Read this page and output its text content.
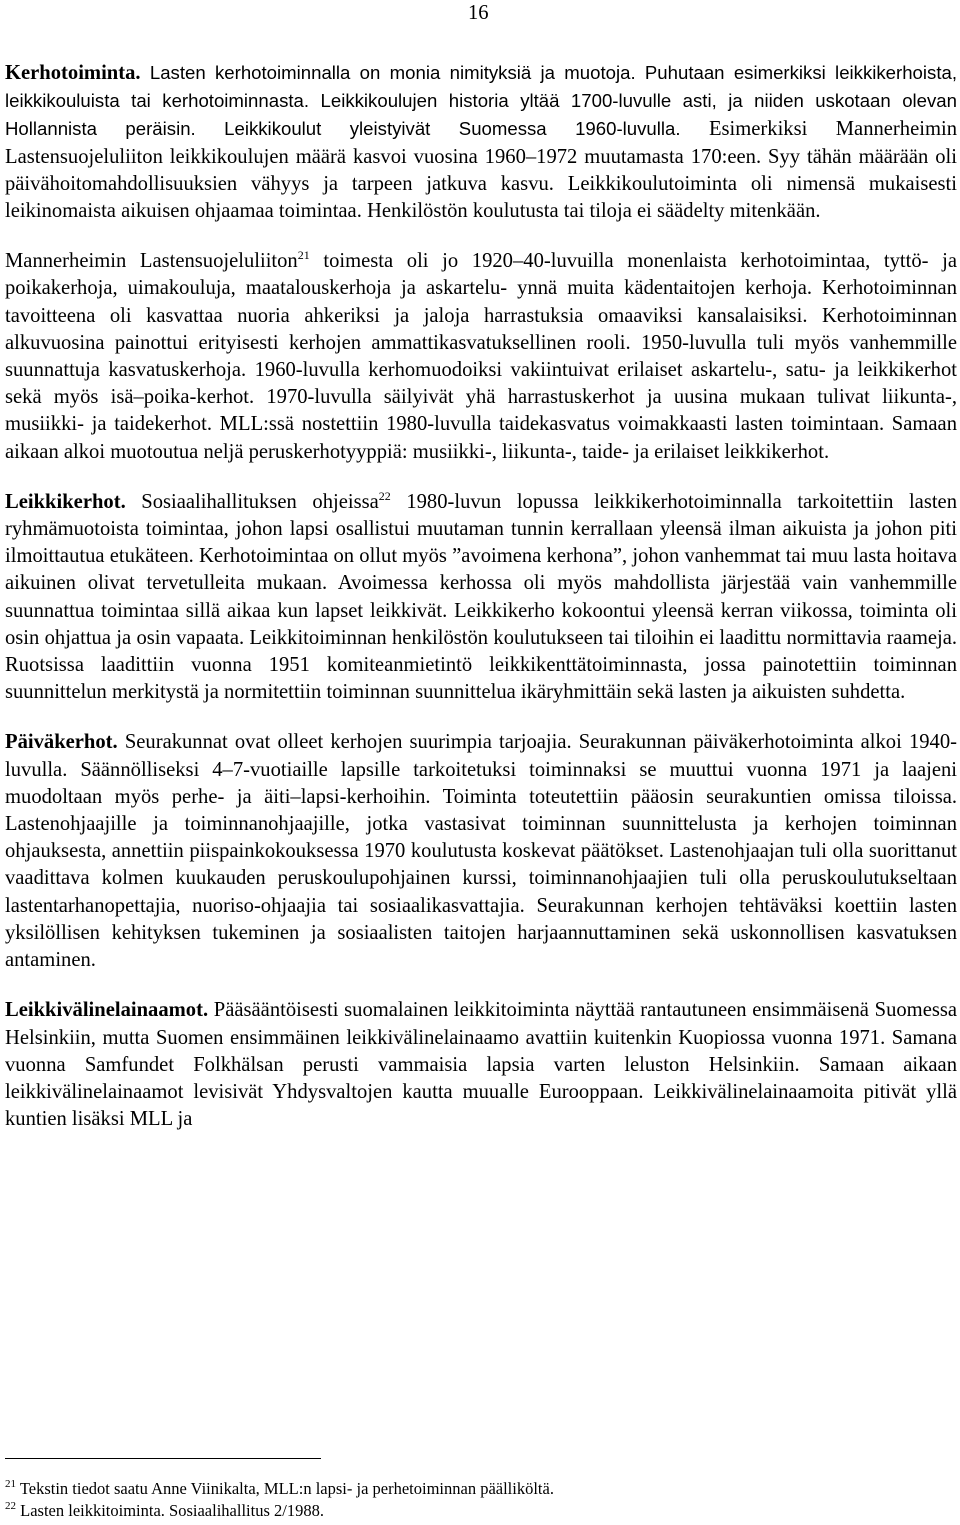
16

Kerhotoiminta. Lasten kerhotoiminnalla on monia nimityksiä ja muotoja. Puhutaan esimerkiksi leikkikerhoista, leikkikouluista tai kerhotoiminnasta. Leikkikoulujen historia yltää 1700-luvulle asti, ja niiden uskotaan olevan Hollannista peräisin. Leikkikoulut yleistyivät Suomessa 1960-luvulla. Esimerkiksi Mannerheimin Lastensuojeluliiton leikkikoulujen määrä kasvoi vuosina 1960–1972 muutamasta 170:een. Syy tähän määrään oli päivähoitomahdollisuuksien vähyys ja tarpeen jatkuva kasvu. Leikkikoulutoiminta oli nimensä mukaisesti leikinomaista aikuisen ohjaamaa toimintaa. Henkilöstön koulutusta tai tiloja ei säädelty mitenkään.

Mannerheimin Lastensuojeluliiton$^{21}$ toimesta oli jo 1920–40-luvuilla monenlaista kerhotoimintaa, tyttö- ja poikakerhoja, uimakouluja, maatalouskerhoja ja askartelu- ynnä muita kädentaitojen kerhoja. Kerhotoiminnan tavoitteena oli kasvattaa nuoria ahkeriksi ja jaloja harrastuksia omaaviksi kansalaisiksi. Kerhotoiminnan alkuvuosina painottui erityisesti kerhojen ammattikasvatuksellinen rooli. 1950-luvulla tuli myös vanhemmille suunnattuja kasvatuskerhoja. 1960-luvulla kerhomuodoiksi vakiintuivat erilaiset askartelu-, satu- ja leikkikerhot sekä myös isä–poika-kerhot. 1970-luvulla säilyivät yhä harrastuskerhot ja uusina mukaan tulivat liikunta-, musiikki- ja taidekerhot. MLL:ssä nostettiin 1980-luvulla taidekasvatus voimakkaasti lasten toimintaan. Samaan aikaan alkoi muotoutua neljä peruskerhotyyppiä: musiikki-, liikunta-, taide- ja erilaiset leikkikerhot.

Leikkikerhot. Sosiaalihallituksen ohjeissa$^{22}$ 1980-luvun lopussa leikkikerhotoiminnalla tarkoitettiin lasten ryhmämuotoista toimintaa, johon lapsi osallistui muutaman tunnin kerrallaan yleensä ilman aikuista ja johon piti ilmoittautua etukäteen. Kerhotoimintaa on ollut myös ”avoimena kerhona”, johon vanhemmat tai muu lasta hoitava aikuinen olivat tervetulleita mukaan. Avoimessa kerhossa oli myös mahdollista järjestää vain vanhemmille suunnattua toimintaa sillä aikaa kun lapset leikkivät. Leikkikerho kokoontui yleensä kerran viikossa, toiminta oli osin ohjattua ja osin vapaata. Leikkitoiminnan henkilöstön koulutukseen tai tiloihin ei laadittu normittavia raameja. Ruotsissa laadittiin vuonna 1951 komiteanmietintö leikkikenttätoiminnasta, jossa painotettiin toiminnan suunnittelun merkitystä ja normitettiin toiminnan suunnittelua ikäryhmittäin sekä lasten ja aikuisten suhdetta.

Päiväkerhot. Seurakunnat ovat olleet kerhojen suurimpia tarjoajia. Seurakunnan päiväkerhotoiminta alkoi 1940-luvulla. Säännölliseksi 4–7-vuotiaille lapsille tarkoitetuksi toiminnaksi se muuttui vuonna 1971 ja laajeni muodoltaan myös perhe- ja äiti–lapsi-kerhoihin. Toiminta toteutettiin pääosin seurakuntien omissa tiloissa. Lastenohjaajille ja toiminnanohjaajille, jotka vastasivat toiminnan suunnittelusta ja kerhojen toiminnan ohjauksesta, annettiin piispainkokouksessa 1970 koulutusta koskevat päätökset. Lastenohjaajan tuli olla suorittanut vaadittava kolmen kuukauden peruskoulupohjainen kurssi, toiminnanohjaajien tuli olla peruskoulutukseltaan lastentarhanopettajia, nuoriso-ohjaajia tai sosiaalikasvattajia. Seurakunnan kerhojen tehtäväksi koettiin lasten yksilöllisen kehityksen tukeminen ja sosiaalisten taitojen harjaannuttaminen sekä uskonnollisen kasvatuksen antaminen.

Leikkivälinelainaamot. Pääsääntöisesti suomalainen leikkitoiminta näyttää rantautuneen ensimmäisenä Suomessa Helsinkiin, mutta Suomen ensimmäinen leikkivälinelainaamo avattiin kuitenkin Kuopiossa vuonna 1971. Samana vuonna Samfundet Folkhälsan perusti vammaisia lapsia varten leluston Helsinkiin. Samaan aikaan leikkivälinelainaamot levisivät Yhdysvaltojen kautta muualle Eurooppaan. Leikkivälinelainaamoita pitivät yllä kuntien lisäksi MLL ja

$^{21}$ Tekstin tiedot saatu Anne Viinikalta, MLL:n lapsi- ja perhetoiminnan päälliköltä.
$^{22}$ Lasten leikkitoiminta. Sosiaalihallitus 2/1988.
